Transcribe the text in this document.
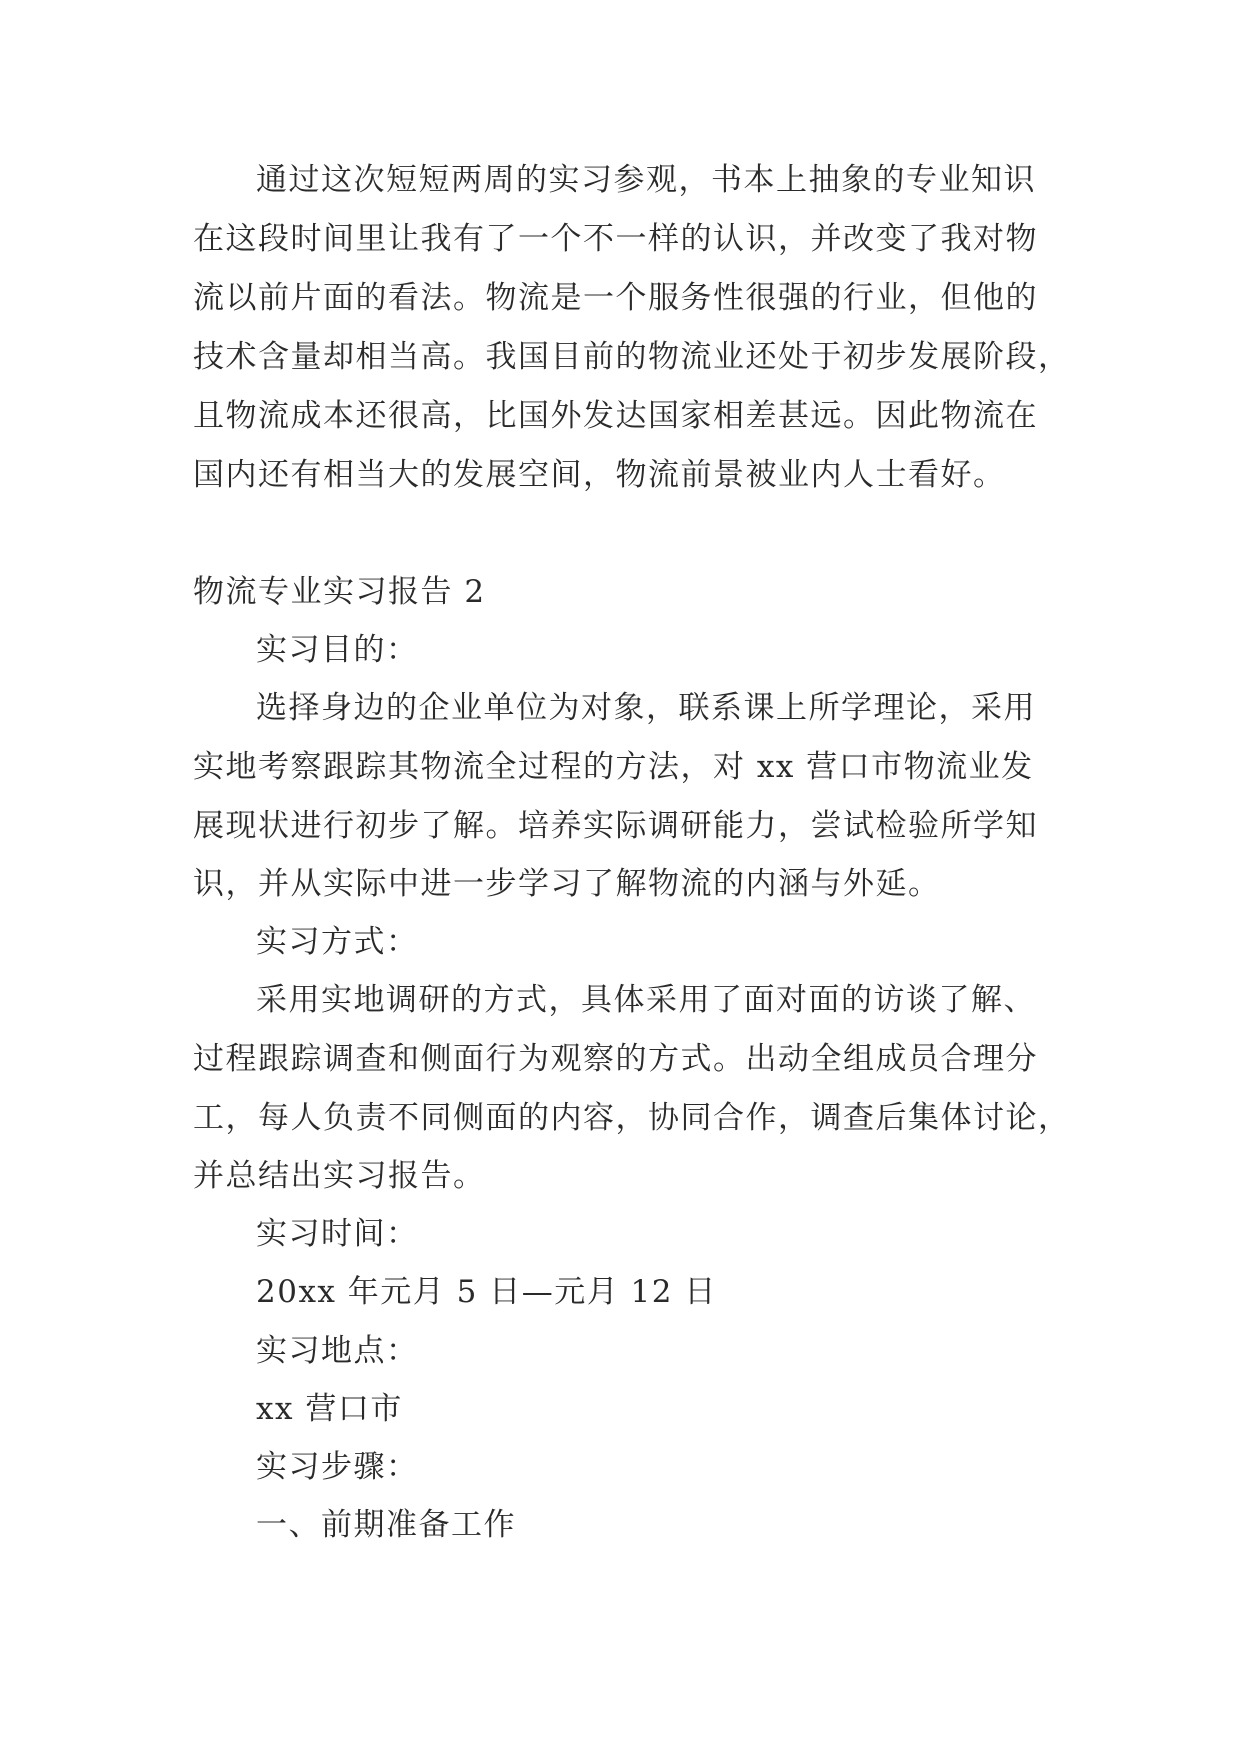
通过这次短短两周的实习参观，书本上抽象的专业知识
在这段时间里让我有了一个不一样的认识，并改变了我对物
流以前片面的看法。物流是一个服务性很强的行业，但他的
技术含量却相当高。我国目前的物流业还处于初步发展阶段，
且物流成本还很高，比国外发达国家相差甚远。因此物流在
国内还有相当大的发展空间，物流前景被业内人士看好。
物流专业实习报告 2
实习目的：
选择身边的企业单位为对象，联系课上所学理论，采用
实地考察跟踪其物流全过程的方法，对 xx 营口市物流业发
展现状进行初步了解。培养实际调研能力，尝试检验所学知
识，并从实际中进一步学习了解物流的内涵与外延。
实习方式：
采用实地调研的方式，具体采用了面对面的访谈了解、
过程跟踪调查和侧面行为观察的方式。出动全组成员合理分
工，每人负责不同侧面的内容，协同合作，调查后集体讨论，
并总结出实习报告。
实习时间：
20xx 年元月 5 日—元月 12 日
实习地点：
xx 营口市
实习步骤：
一、前期准备工作
